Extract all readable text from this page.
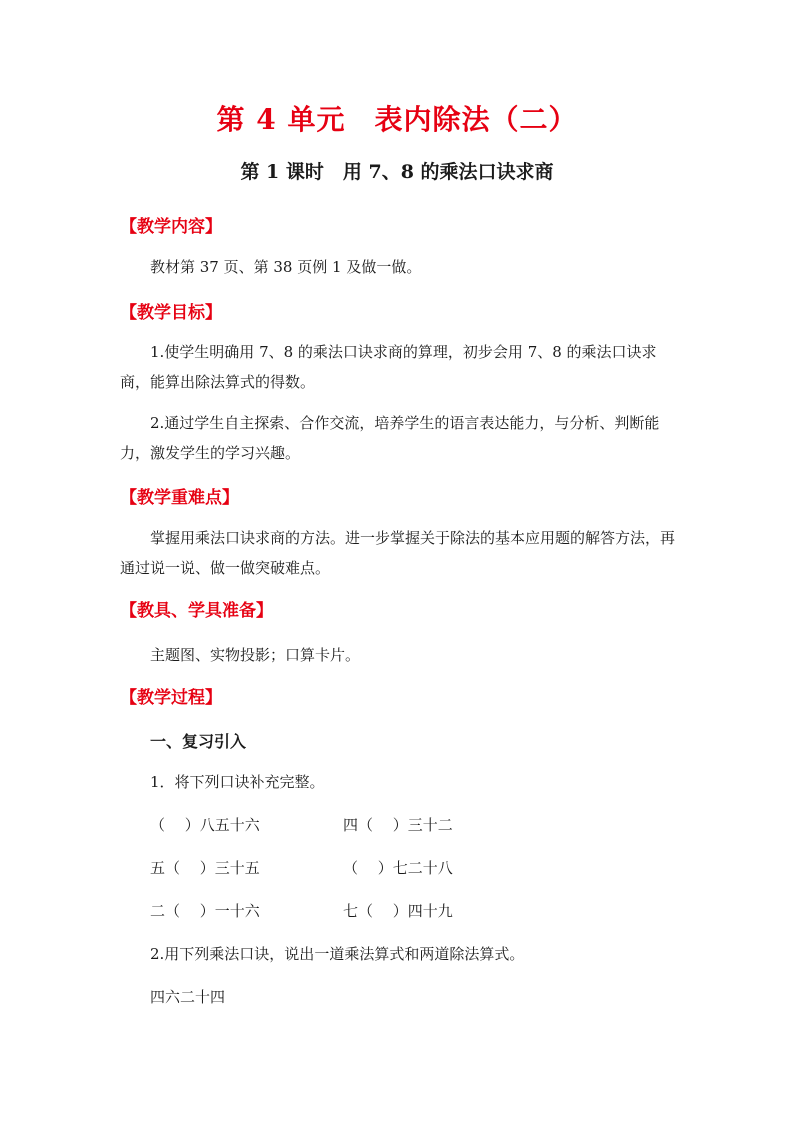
第 4 单元　表内除法（二）
第 1 课时　用 7、8 的乘法口诀求商
【教学内容】
教材第 37 页、第 38 页例 1 及做一做。
【教学目标】
1.使学生明确用 7、8 的乘法口诀求商的算理，初步会用 7、8 的乘法口诀求商，能算出除法算式的得数。
2.通过学生自主探索、合作交流，培养学生的语言表达能力，与分析、判断能力，激发学生的学习兴趣。
【教学重难点】
掌握用乘法口诀求商的方法。进一步掌握关于除法的基本应用题的解答方法，再通过说一说、做一做突破难点。
【教具、学具准备】
主题图、实物投影；口算卡片。
【教学过程】
一、复习引入
1．将下列口诀补充完整。
（　 ）八五十六	四（　 ）三十二
五（　 ）三十五	（　 ）七二十八
二（　 ）一十六	七（　 ）四十九
2.用下列乘法口诀，说出一道乘法算式和两道除法算式。
四六二十四
